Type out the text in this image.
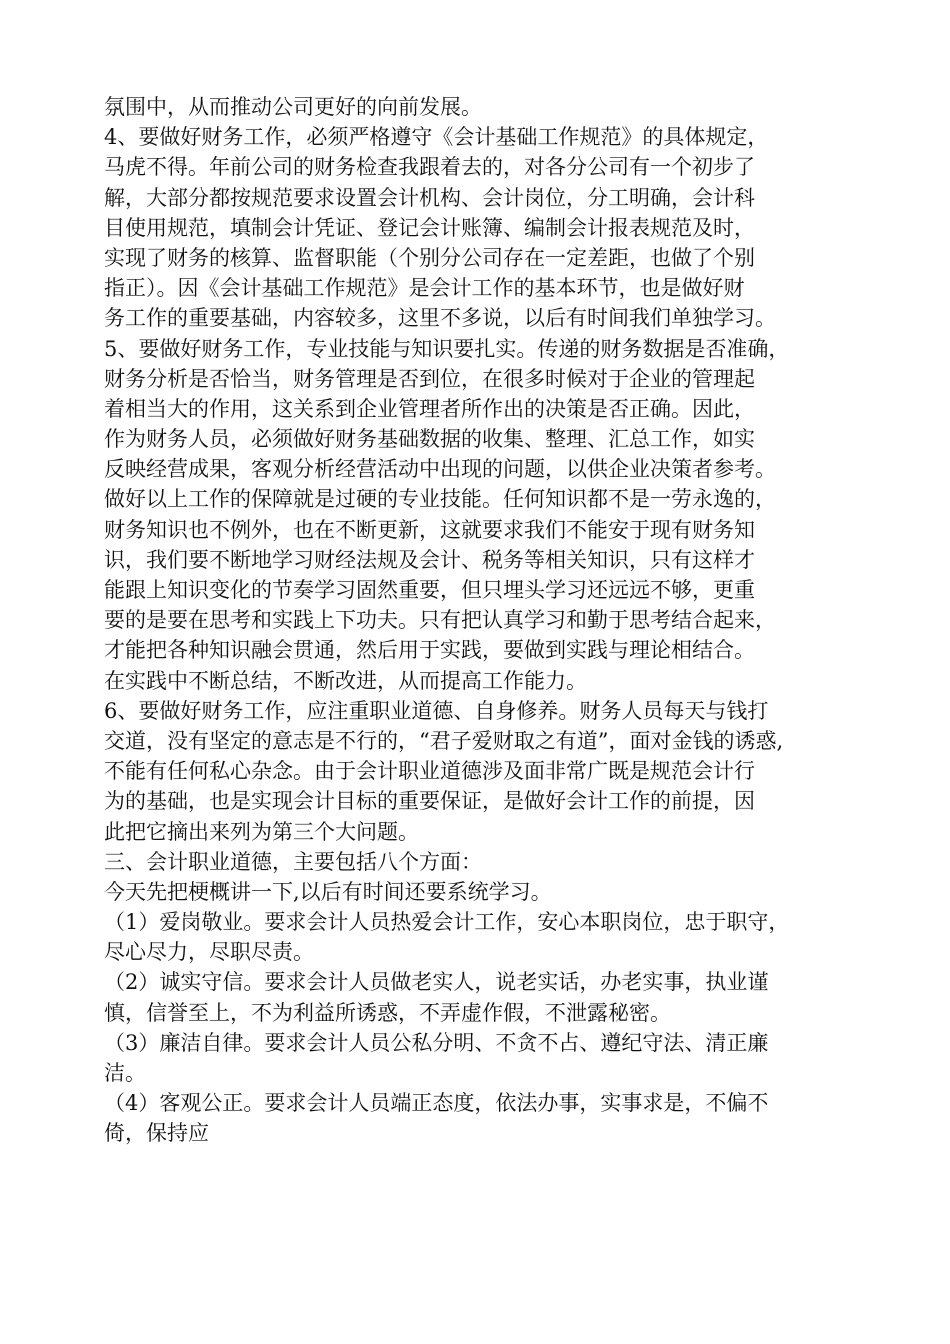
氛围中，从而推动公司更好的向前发展。
4、要做好财务工作，必须严格遵守《会计基础工作规范》的具体规定，
马虎不得。年前公司的财务检查我跟着去的，对各分公司有一个初步了
解，大部分都按规范要求设置会计机构、会计岗位，分工明确，会计科
目使用规范，填制会计凭证、登记会计账簿、编制会计报表规范及时，
实现了财务的核算、监督职能（个别分公司存在一定差距，也做了个别
指正）。因《会计基础工作规范》是会计工作的基本环节，也是做好财
务工作的重要基础，内容较多，这里不多说，以后有时间我们单独学习。
5、要做好财务工作，专业技能与知识要扎实。传递的财务数据是否准确，
财务分析是否恰当，财务管理是否到位，在很多时候对于企业的管理起
着相当大的作用，这关系到企业管理者所作出的决策是否正确。因此，
作为财务人员，必须做好财务基础数据的收集、整理、汇总工作，如实
反映经营成果，客观分析经营活动中出现的问题，以供企业决策者参考。
做好以上工作的保障就是过硬的专业技能。任何知识都不是一劳永逸的，
财务知识也不例外，也在不断更新，这就要求我们不能安于现有财务知
识，我们要不断地学习财经法规及会计、税务等相关知识，只有这样才
能跟上知识变化的节奏学习固然重要，但只埋头学习还远远不够，更重
要的是要在思考和实践上下功夫。只有把认真学习和勤于思考结合起来，
才能把各种知识融会贯通，然后用于实践，要做到实践与理论相结合。
在实践中不断总结，不断改进，从而提高工作能力。
6、要做好财务工作，应注重职业道德、自身修养。财务人员每天与钱打
交道，没有坚定的意志是不行的，“君子爱财取之有道”，面对金钱的诱惑,
不能有任何私心杂念。由于会计职业道德涉及面非常广既是规范会计行
为的基础，也是实现会计目标的重要保证，是做好会计工作的前提，因
此把它摘出来列为第三个大问题。
三、会计职业道德，主要包括八个方面：
今天先把梗概讲一下,以后有时间还要系统学习。
（1）爱岗敬业。要求会计人员热爱会计工作，安心本职岗位，忠于职守，
尽心尽力，尽职尽责。
（2）诚实守信。要求会计人员做老实人，说老实话，办老实事，执业谨
慎，信誉至上，不为利益所诱惑，不弄虚作假，不泄露秘密。
（3）廉洁自律。要求会计人员公私分明、不贪不占、遵纪守法、清正廉
洁。
（4）客观公正。要求会计人员端正态度，依法办事，实事求是，不偏不
倚，保持应
